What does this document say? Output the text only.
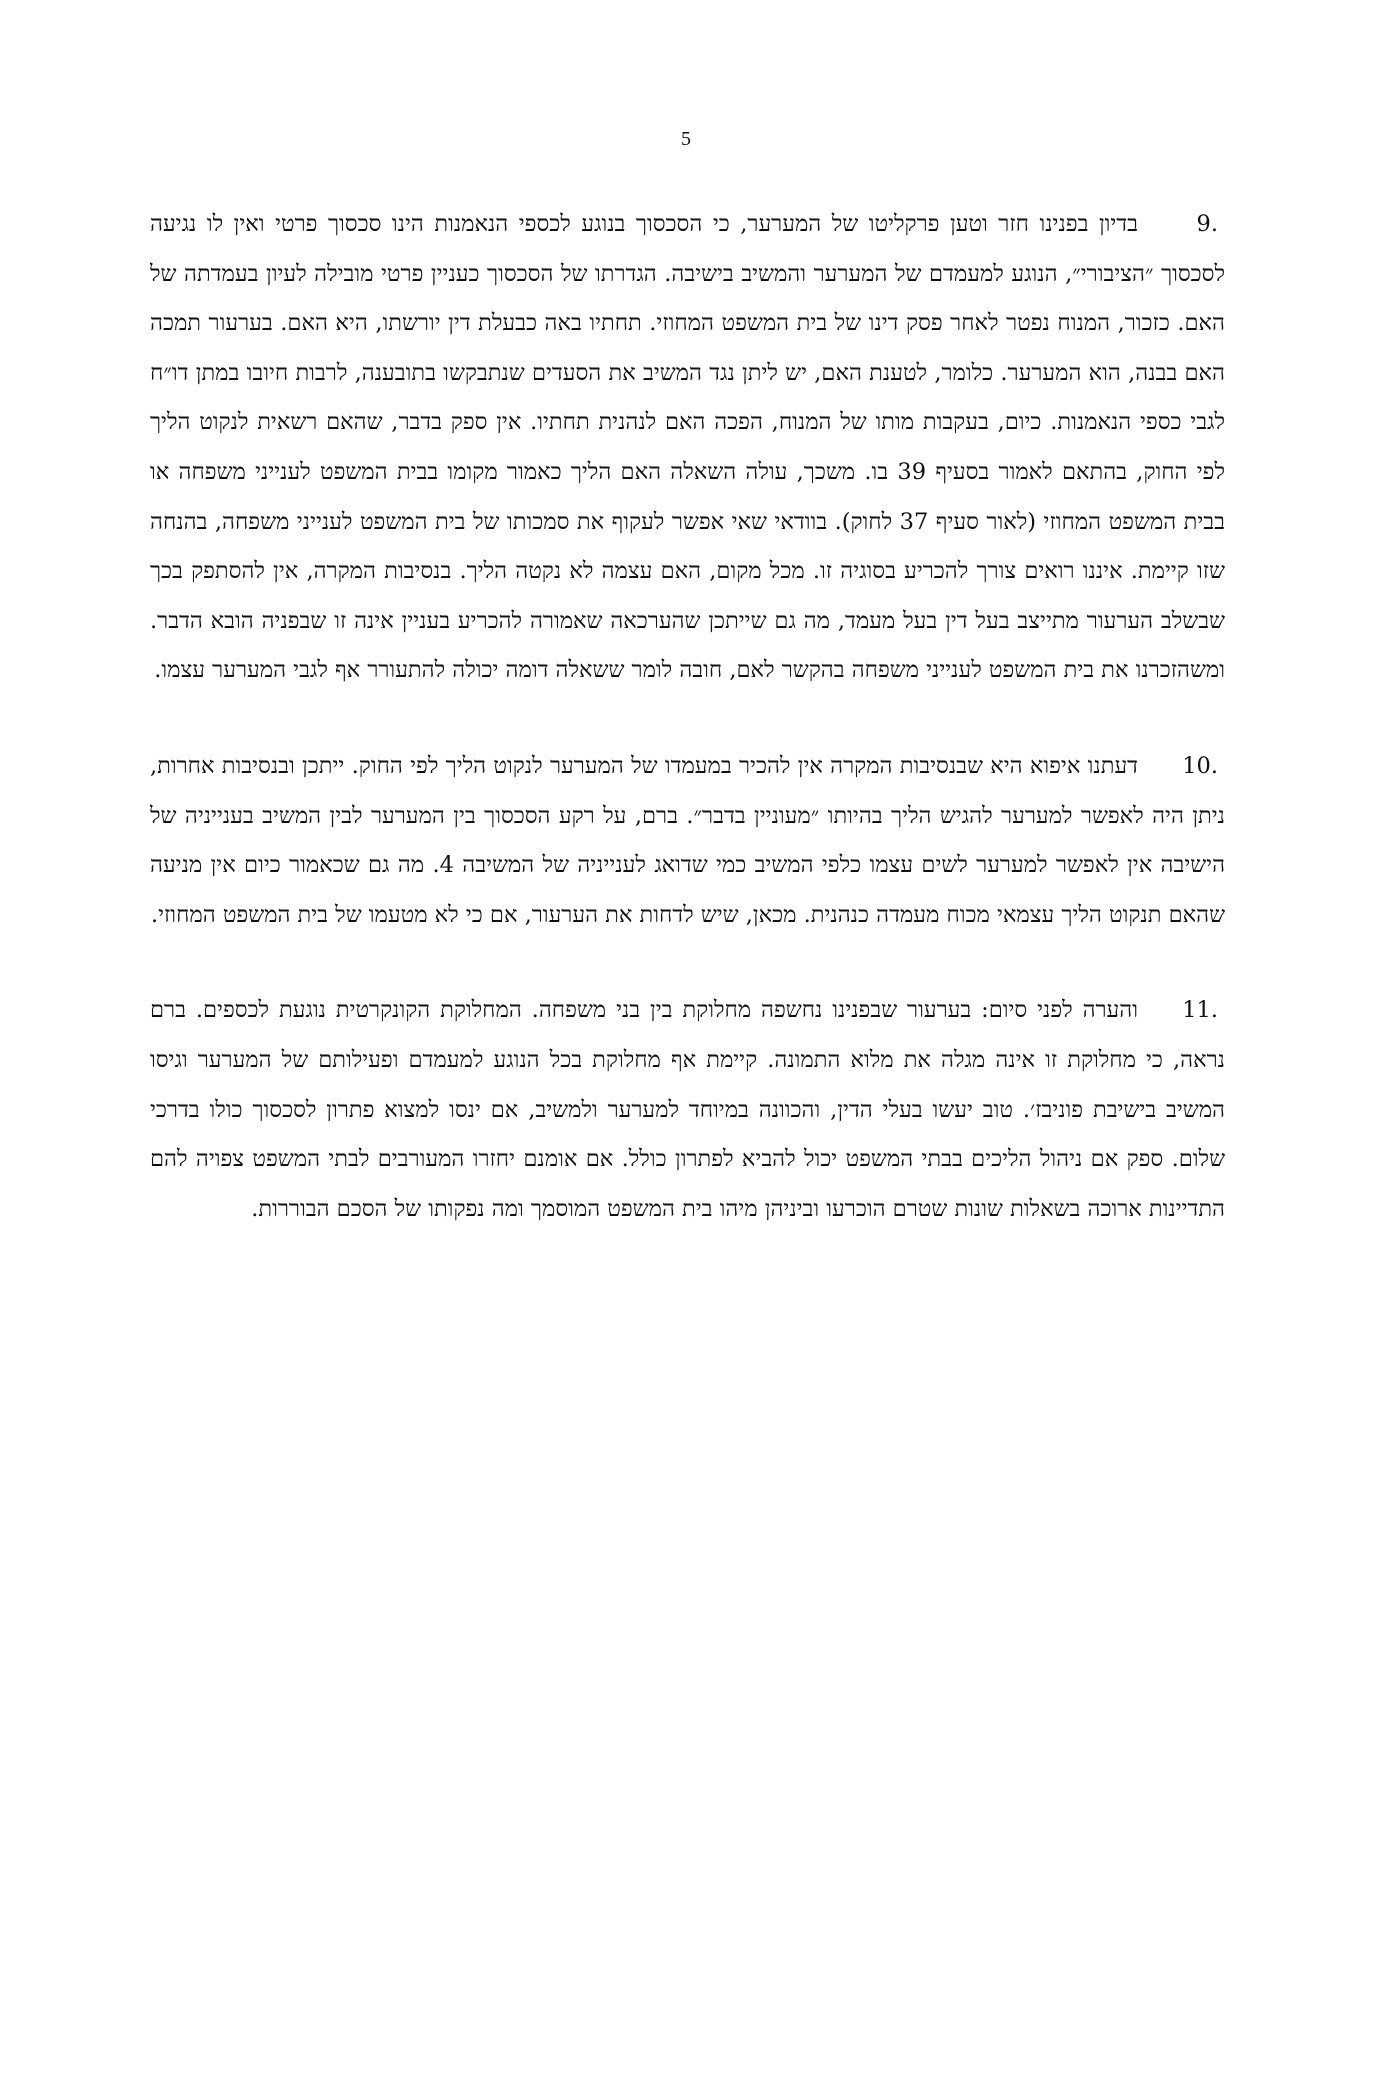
5

9.בדיון בפנינו חזר וטען פרקליטו של המערער, כי הסכסוך בנוגע לכספי הנאמנות הינו סכסוך פרטי ואין לו נגיעה לסכסוך ״הציבורי״, הנוגע למעמדם של המערער והמשיב בישיבה. הגדרתו של הסכסוך כעניין פרטי מובילה לעיון בעמדתה של האם. כזכור, המנוח נפטר לאחר פסק דינו של בית המשפט המחוזי. תחתיו באה כבעלת דין יורשתו, היא האם. בערעור תמכה האם בבנה, הוא המערער. כלומר, לטענת האם, יש ליתן נגד המשיב את הסעדים שנתבקשו בתובענה, לרבות חיובו במתן דו״ח לגבי כספי הנאמנות. כיום, בעקבות מותו של המנוח, הפכה האם לנהנית תחתיו. אין ספק בדבר, שהאם רשאית לנקוט הליך לפי החוק, בהתאם לאמור בסעיף 39 בו. משכך, עולה השאלה האם הליך כאמור מקומו בבית המשפט לענייני משפחה או בבית המשפט המחוזי (לאור סעיף 37 לחוק). בוודאי שאי אפשר לעקוף את סמכותו של בית המשפט לענייני משפחה, בהנחה שזו קיימת. איננו רואים צורך להכריע בסוגיה זו. מכל מקום, האם עצמה לא נקטה הליך. בנסיבות המקרה, אין להסתפק בכך שבשלב הערעור מתייצב בעל דין בעל מעמד, מה גם שייתכן שהערכאה שאמורה להכריע בעניין אינה זו שבפניה הובא הדבר. ומשהזכרנו את בית המשפט לענייני משפחה בהקשר לאם, חובה לומר ששאלה דומה יכולה להתעורר אף לגבי המערער עצמו.

10.דעתנו איפוא היא שבנסיבות המקרה אין להכיר במעמדו של המערער לנקוט הליך לפי החוק. ייתכן ובנסיבות אחרות, ניתן היה לאפשר למערער להגיש הליך בהיותו ״מעוניין בדבר״. ברם, על רקע הסכסוך בין המערער לבין המשיב בענייניה של הישיבה אין לאפשר למערער לשים עצמו כלפי המשיב כמי שדואג לענייניה של המשיבה 4. מה גם שכאמור כיום אין מניעה שהאם תנקוט הליך עצמאי מכוח מעמדה כנהנית. מכאן, שיש לדחות את הערעור, אם כי לא מטעמו של בית המשפט המחוזי.

11.והערה לפני סיום: בערעור שבפנינו נחשפה מחלוקת בין בני משפחה. המחלוקת הקונקרטית נוגעת לכספים. ברם נראה, כי מחלוקת זו אינה מגלה את מלוא התמונה. קיימת אף מחלוקת בכל הנוגע למעמדם ופעילותם של המערער וגיסו המשיב בישיבת פוניבז׳. טוב יעשו בעלי הדין, והכוונה במיוחד למערער ולמשיב, אם ינסו למצוא פתרון לסכסוך כולו בדרכי שלום. ספק אם ניהול הליכים בבתי המשפט יכול להביא לפתרון כולל. אם אומנם יחזרו המעורבים לבתי המשפט צפויה להם התדיינות ארוכה בשאלות שונות שטרם הוכרעו וביניהן מיהו בית המשפט המוסמך ומה נפקותו של הסכם הבוררות.
